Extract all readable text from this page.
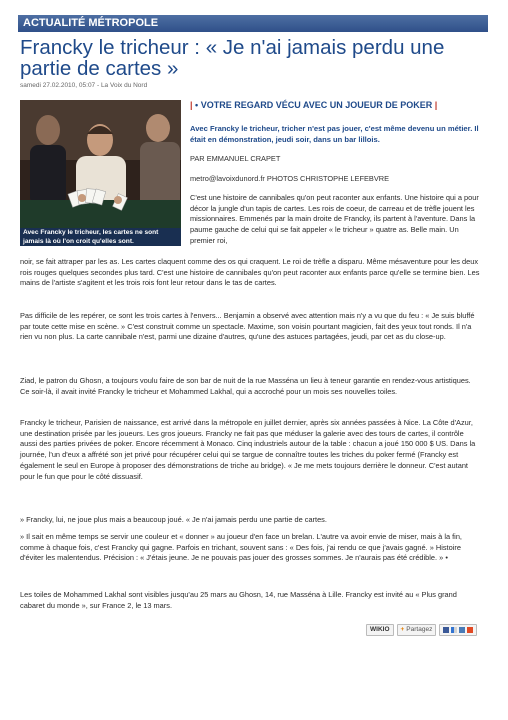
ACTUALITÉ MÉTROPOLE
Francky le tricheur : « Je n'ai jamais perdu une partie de cartes »
samedi 27.02.2010, 05:07 - La Voix du Nord
Avec Francky le tricheur, les cartes ne sont jamais là où l'on croit qu'elles sont.
| • VOTRE REGARD VÉCU AVEC UN JOUEUR DE POKER |
Avec Francky le tricheur, tricher n'est pas jouer, c'est même devenu un métier. Il était en démonstration, jeudi soir, dans un bar lillois.
PAR EMMANUEL CRAPET
metro@lavoixdunord.fr PHOTOS CHRISTOPHE LEFEBVRE

C'est une histoire de cannibales qu'on peut raconter aux enfants. Une histoire qui a pour décor la jungle d'un tapis de cartes. Les rois de coeur, de carreau et de trèfle jouent les missionnaires. Emmenés par la main droite de Francky, ils partent à l'aventure. Dans la paume gauche de celui qui se fait appeler « le tricheur » quatre as. Belle main. Un premier roi,

noir, se fait attraper par les as. Les cartes claquent comme des os qui craquent. Le roi de trèfle a disparu. Même mésaventure pour les deux rois rouges quelques secondes plus tard. C'est une histoire de cannibales qu'on peut raconter aux enfants parce qu'elle se termine bien. Les mains de l'artiste s'agitent et les trois rois font leur retour dans le tas de cartes.

Pas difficile de les repérer, ce sont les trois cartes à l'envers... Benjamin a observé avec attention mais n'y a vu que du feu : « Je suis bluffé par toute cette mise en scène. » C'est construit comme un spectacle. Maxime, son voisin pourtant magicien, fait des yeux tout ronds. Il n'a rien vu non plus. La carte cannibale n'est, parmi une dizaine d'autres, qu'une des astuces partagées, jeudi, par cet as du close-up.

Ziad, le patron du Ghosn, a toujours voulu faire de son bar de nuit de la rue Masséna un lieu à teneur garantie en rendez-vous artistiques. Ce soir-là, il avait invité Francky le tricheur et Mohammed Lakhal, qui a accroché pour un mois ses nouvelles toiles.

Francky le tricheur, Parisien de naissance, est arrivé dans la métropole en juillet dernier, après six années passées à Nice. La Côte d'Azur, une destination prisée par les joueurs. Les gros joueurs. Francky ne fait pas que méduser la galerie avec des tours de cartes, il contrôle aussi des parties privées de poker. Encore récemment à Monaco. Cinq industriels autour de la table : chacun a joué 150 000 $ US. Dans la journée, l'un d'eux a affrété son jet privé pour récupérer celui qui se targue de connaître toutes les triches du poker fermé (Francky est également le seul en Europe à proposer des démonstrations de triche au bridge). « Je me mets toujours derrière le donneur. C'est autant pour le fun que pour le côté dissuasif.

» Francky, lui, ne joue plus mais a beaucoup joué. « Je n'ai jamais perdu une partie de cartes.

» Il sait en même temps se servir une couleur et « donner » au joueur d'en face un brelan. L'autre va avoir envie de miser, mais à la fin, comme à chaque fois, c'est Francky qui gagne. Parfois en trichant, souvent sans : « Des fois, j'ai rendu ce que j'avais gagné. » Histoire d'éviter les malentendus. Précision : « J'étais jeune. Je ne pouvais pas jouer des grosses sommes. Je n'aurais pas été crédible. » •

Les toiles de Mohammed Lakhal sont visibles jusqu'au 25 mars au Ghosn, 14, rue Masséna à Lille. Francky est invité au « Plus grand cabaret du monde », sur France 2, le 13 mars.

WIKIO	+ Partagez
